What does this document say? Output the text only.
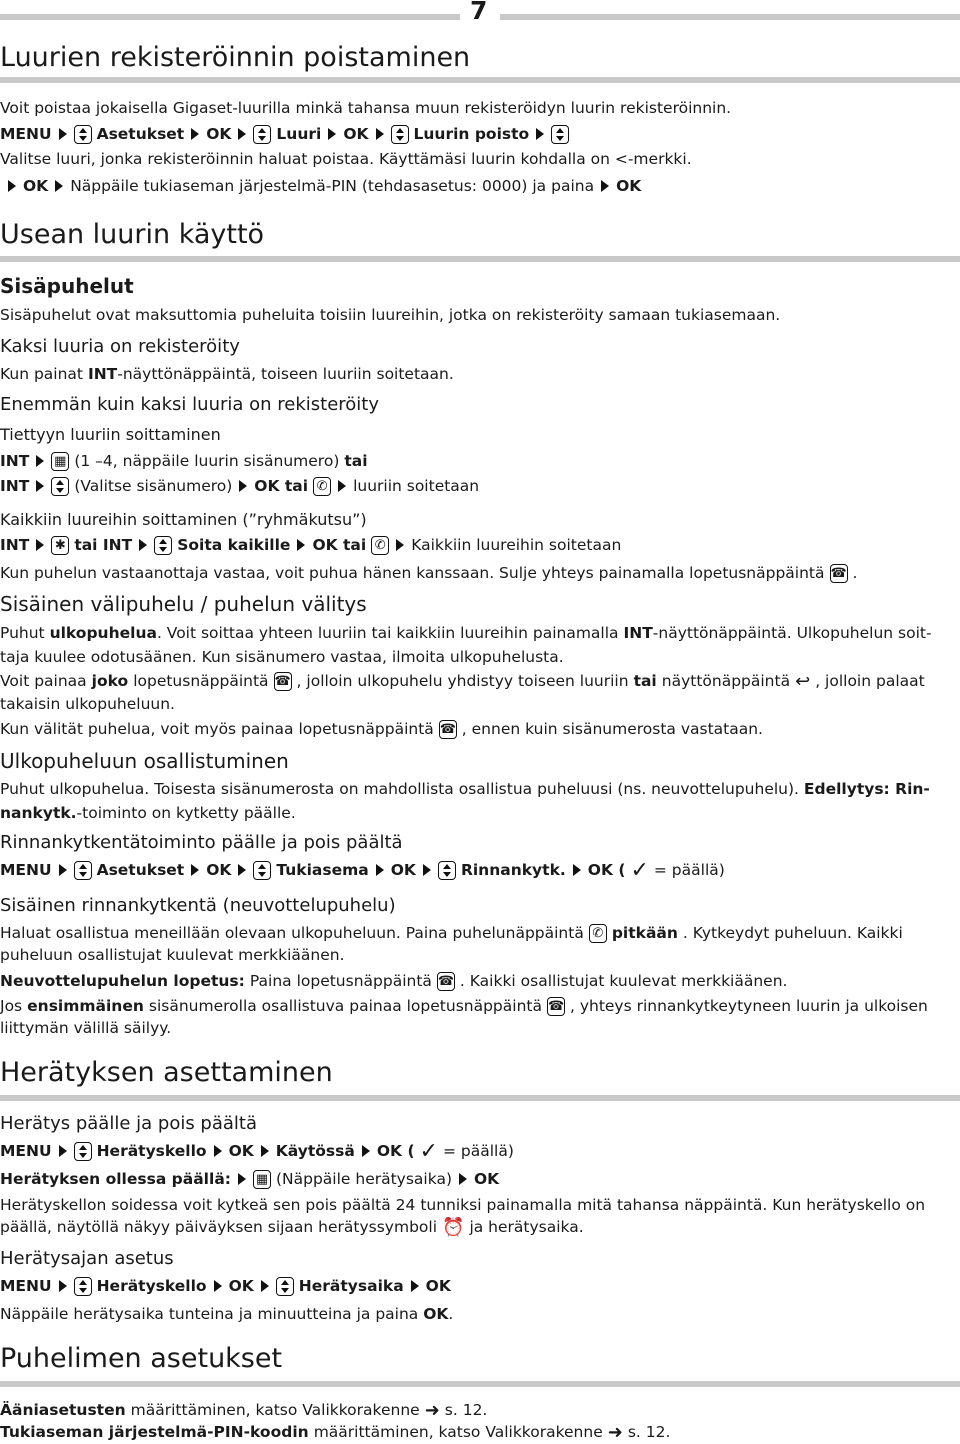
7
Luurien rekisteröinnin poistaminen
Voit poistaa jokaisella Gigaset-luurilla minkä tahansa muun rekisteröidyn luurin rekisteröinnin.
MENU	Asetukset OK	Luuri OK	Luurin poisto
Valitse luuri, jonka rekisteröinnin haluat poistaa. Käyttämäsi luurin kohdalla on <-merkki.
OK Näppäile tukiaseman järjestelmä-PIN (tehdasasetus: 0000) ja paina OK
Usean luurin käyttö
Sisäpuhelut
Sisäpuhelut ovat maksuttomia puheluita toisiin luureihin, jotka on rekisteröity samaan tukiasemaan.
Kaksi luuria on rekisteröity
Kun painat INT-näyttönäppäintä, toiseen luuriin soitetaan.
Enemmän kuin kaksi luuria on rekisteröity
Tiettyyn luuriin soittaminen
INT ▦ (1 –4, näppäile luurin sisänumero) tai
INT	(Valitse sisänumero) OK tai ✆ luuriin soitetaan
Kaikkiin luureihin soittaminen (”ryhmäkutsu”)
INT ✱ tai INT	Soita kaikille OK tai ✆ Kaikkiin luureihin soitetaan
Kun puhelun vastaanottaja vastaa, voit puhua hänen kanssaan. Sulje yhteys painamalla lopetusnäppäintä ☎ .
Sisäinen välipuhelu / puhelun välitys
Puhut ulkopuhelua. Voit soittaa yhteen luuriin tai kaikkiin luureihin painamalla INT-näyttönäppäintä. Ulkopuhelun soit-
taja kuulee odotusäänen. Kun sisänumero vastaa, ilmoita ulkopuhelusta.
Voit painaa joko lopetusnäppäintä ☎ , jolloin ulkopuhelu yhdistyy toiseen luuriin tai näyttönäppäintä ↩ , jolloin palaat
takaisin ulkopuheluun.
Kun välität puhelua, voit myös painaa lopetusnäppäintä ☎ , ennen kuin sisänumerosta vastataan.
Ulkopuheluun osallistuminen
Puhut ulkopuhelua. Toisesta sisänumerosta on mahdollista osallistua puheluusi (ns. neuvottelupuhelu). Edellytys: Rin-
nankytk.-toiminto on kytketty päälle.
Rinnankytkentätoiminto päälle ja pois päältä
MENU	Asetukset OK	Tukiasema OK	Rinnankytk. OK ( ✓ = päällä)
Sisäinen rinnankytkentä (neuvottelupuhelu)
Haluat osallistua meneillään olevaan ulkopuheluun. Paina puhelunäppäintä ✆ pitkään . Kytkeydyt puheluun. Kaikki
puheluun osallistujat kuulevat merkkiäänen.
Neuvottelupuhelun lopetus: Paina lopetusnäppäintä ☎ . Kaikki osallistujat kuulevat merkkiäänen.
Jos ensimmäinen sisänumerolla osallistuva painaa lopetusnäppäintä ☎ , yhteys rinnankytkeytyneen luurin ja ulkoisen
liittymän välillä säilyy.
Herätyksen asettaminen
Herätys päälle ja pois päältä
MENU	Herätyskello OK Käytössä OK ( ✓ = päällä)
Herätyksen ollessa päällä: ▦ (Näppäile herätysaika) OK
Herätyskellon soidessa voit kytkeä sen pois päältä 24 tunniksi painamalla mitä tahansa näppäintä. Kun herätyskello on
päällä, näytöllä näkyy päiväyksen sijaan herätyssymboli ⏰ ja herätysaika.
Herätysajan asetus
MENU	Herätyskello OK	Herätysaika OK
Näppäile herätysaika tunteina ja minuutteina ja paina OK.
Puhelimen asetukset
Ääniasetusten määrittäminen, katso Valikkorakenne ➜ s. 12.
Tukiaseman järjestelmä-PIN-koodin määrittäminen, katso Valikkorakenne ➜ s. 12.
